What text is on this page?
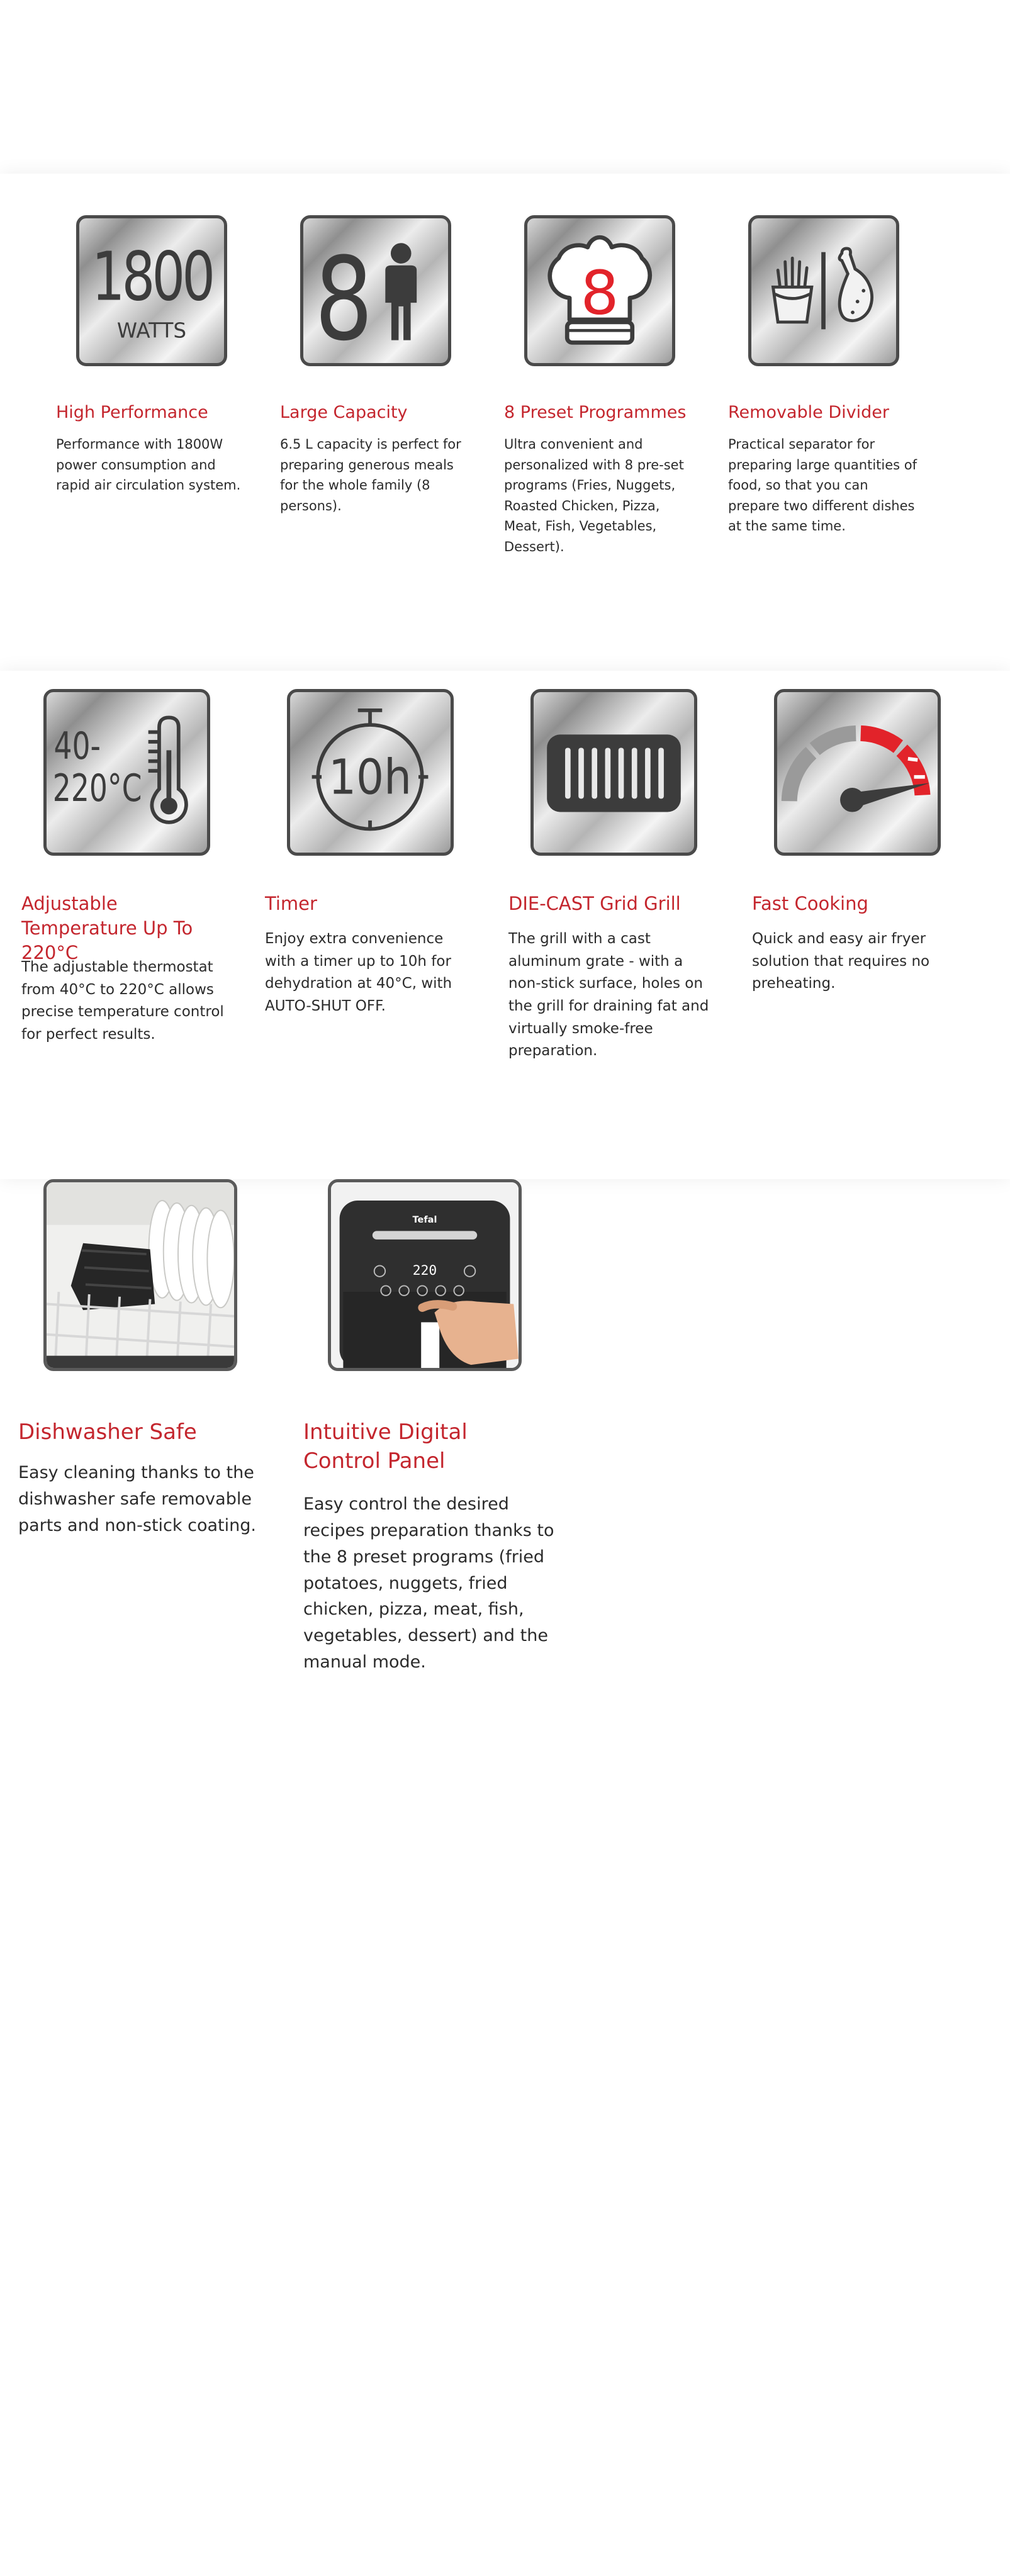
1800
WATTS
High Performance

Performance with 1800W power consumption and rapid air circulation system.

8
Large Capacity

6.5 L capacity is perfect for preparing generous meals for the whole family (8 persons).

8
8 Preset Programmes

Ultra convenient and personalized with 8 pre-set programs (Fries, Nuggets, Roasted Chicken, Pizza, Meat, Fish, Vegetables, Dessert).

Removable Divider

Practical separator for preparing large quantities of food, so that you can prepare two different dishes at the same time.

40-
220°C
Adjustable Temperature Up To 220°C

The adjustable thermostat from 40°C to 220°C allows precise temperature control for perfect results.

10h
Timer

Enjoy extra convenience with a timer up to 10h for dehydration at 40°C, with AUTO-SHUT OFF.

DIE-CAST Grid Grill

The grill with a cast aluminum grate - with a non-stick surface, holes on the grill for draining fat and virtually smoke-free preparation.

Fast Cooking

Quick and easy air fryer solution that requires no preheating.

Dishwasher Safe

Easy cleaning thanks to the dishwasher safe removable parts and non-stick coating.

Tefal
220
Intuitive Digital Control Panel

Easy control the desired recipes preparation thanks to the 8 preset programs (fried potatoes, nuggets, fried chicken, pizza, meat, fish, vegetables, dessert) and the manual mode.
